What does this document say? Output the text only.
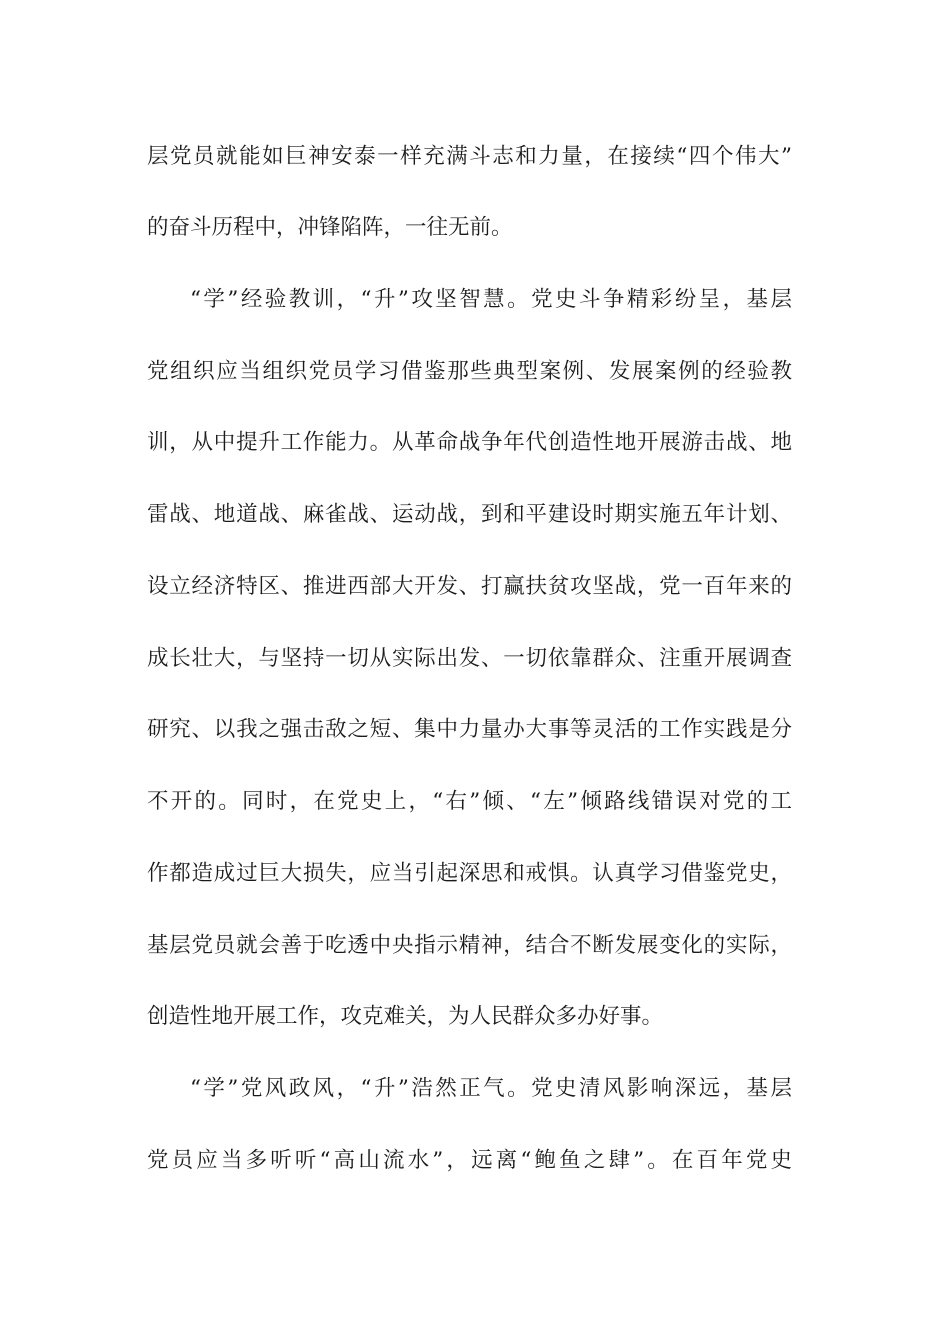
层党员就能如巨神安泰一样充满斗志和力量，在接续“四个伟大”
的奋斗历程中，冲锋陷阵，一往无前。
“学”经验教训，“升”攻坚智慧。党史斗争精彩纷呈，基层
党组织应当组织党员学习借鉴那些典型案例、发展案例的经验教
训，从中提升工作能力。从革命战争年代创造性地开展游击战、地
雷战、地道战、麻雀战、运动战，到和平建设时期实施五年计划、
设立经济特区、推进西部大开发、打赢扶贫攻坚战，党一百年来的
成长壮大，与坚持一切从实际出发、一切依靠群众、注重开展调查
研究、以我之强击敌之短、集中力量办大事等灵活的工作实践是分
不开的。同时，在党史上，“右”倾、“左”倾路线错误对党的工
作都造成过巨大损失，应当引起深思和戒惧。认真学习借鉴党史，
基层党员就会善于吃透中央指示精神，结合不断发展变化的实际，
创造性地开展工作，攻克难关，为人民群众多办好事。
“学”党风政风，“升”浩然正气。党史清风影响深远，基层
党员应当多听听“高山流水”，远离“鲍鱼之肆”。在百年党史
